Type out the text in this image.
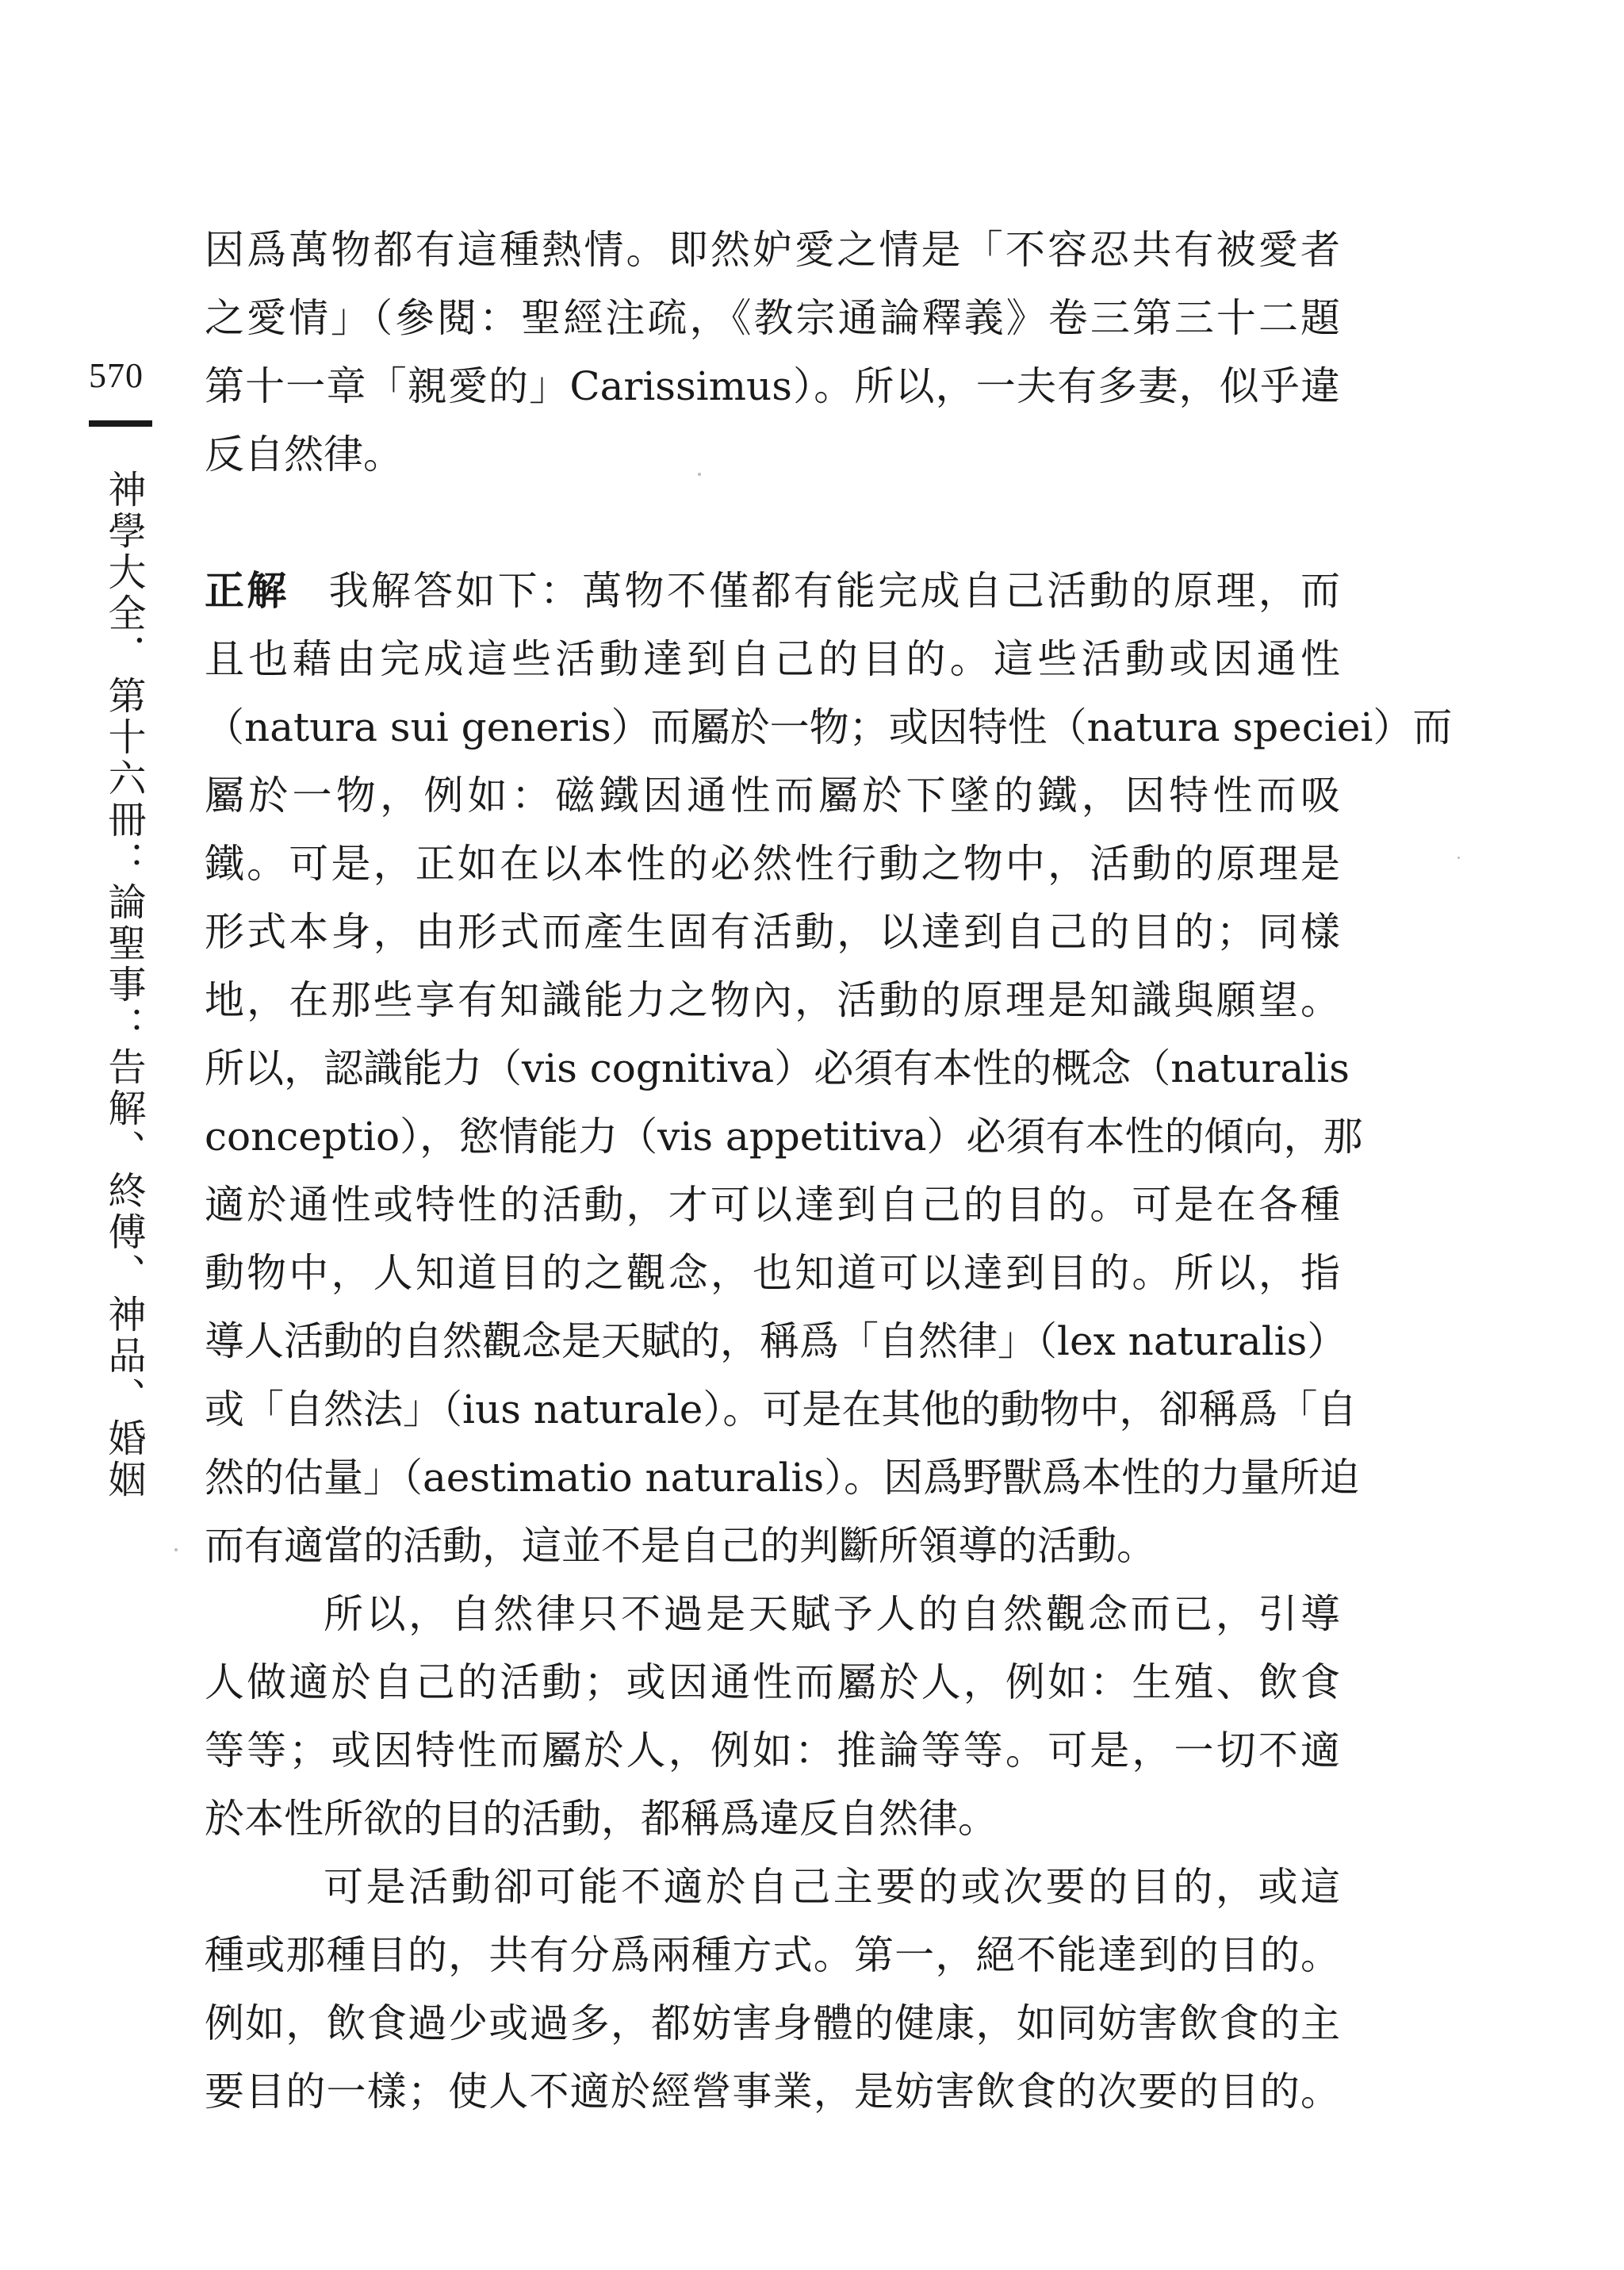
570
神學大全．第十六冊：論聖事：告解、終傅、神品、婚姻
因爲萬物都有這種熱情。即然妒愛之情是「不容忍共有被愛者
之愛情」（參閱：聖經注疏，《教宗通論釋義》卷三第三十二題
第十一章「親愛的」Carissimus）。所以，一夫有多妻，似乎違
反自然律。
正解 我解答如下：萬物不僅都有能完成自己活動的原理，而
且也藉由完成這些活動達到自己的目的。這些活動或因通性
（natura sui generis）而屬於一物；或因特性（natura speciei）而
屬於一物，例如：磁鐵因通性而屬於下墜的鐵，因特性而吸
鐵。可是，正如在以本性的必然性行動之物中，活動的原理是
形式本身，由形式而產生固有活動，以達到自己的目的；同樣
地，在那些享有知識能力之物內，活動的原理是知識與願望。
所以，認識能力（vis cognitiva）必須有本性的概念（naturalis
conceptio），慾情能力（vis appetitiva）必須有本性的傾向，那
適於通性或特性的活動，才可以達到自己的目的。可是在各種
動物中，人知道目的之觀念，也知道可以達到目的。所以，指
導人活動的自然觀念是天賦的，稱爲「自然律」（lex naturalis）
或「自然法」（ius naturale）。可是在其他的動物中，卻稱爲「自
然的估量」（aestimatio naturalis）。因爲野獸爲本性的力量所迫
而有適當的活動，這並不是自己的判斷所領導的活動。
所以，自然律只不過是天賦予人的自然觀念而已，引導
人做適於自己的活動；或因通性而屬於人，例如：生殖、飲食
等等；或因特性而屬於人，例如：推論等等。可是，一切不適
於本性所欲的目的活動，都稱爲違反自然律。
可是活動卻可能不適於自己主要的或次要的目的，或這
種或那種目的，共有分爲兩種方式。第一，絕不能達到的目的。
例如，飲食過少或過多，都妨害身體的健康，如同妨害飲食的主
要目的一樣；使人不適於經營事業，是妨害飲食的次要的目的。
